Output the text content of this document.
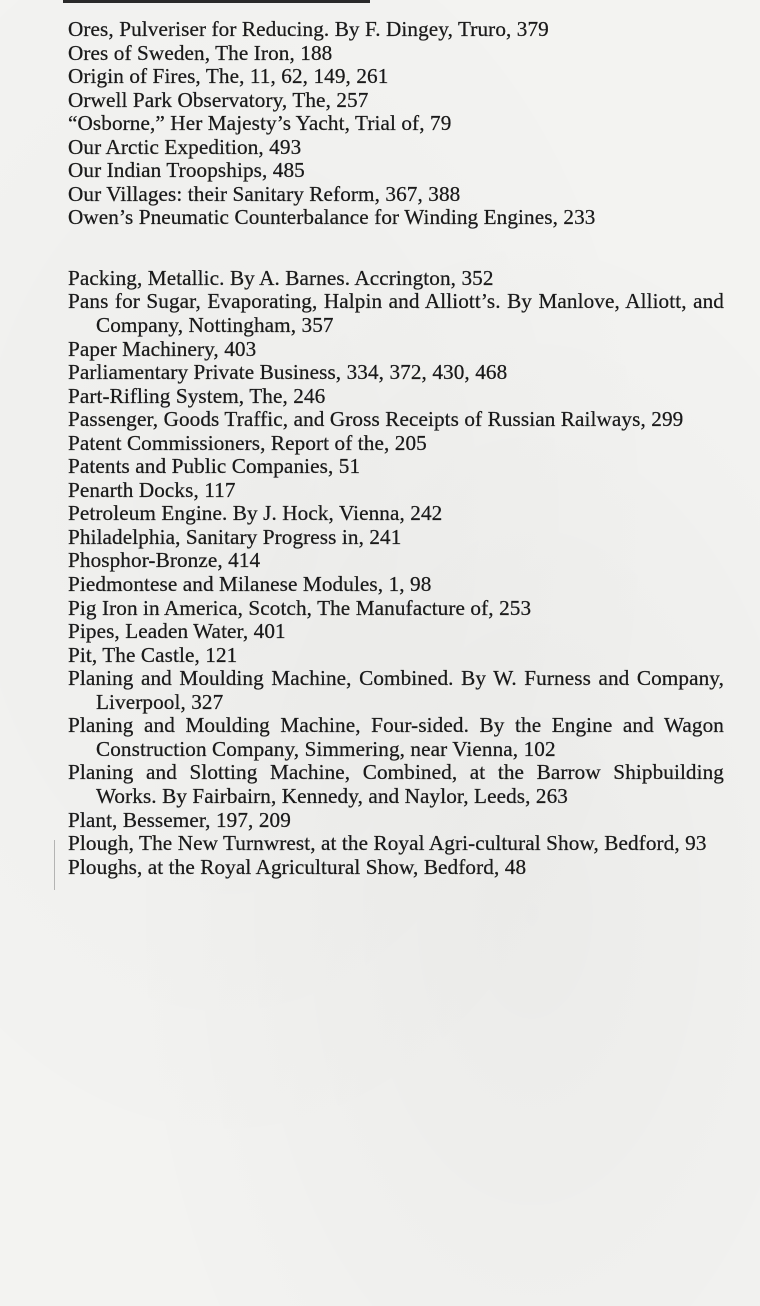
Ores, Pulveriser for Reducing. By F. Dingey, Truro, 379
Ores of Sweden, The Iron, 188
Origin of Fires, The, 11, 62, 149, 261
Orwell Park Observatory, The, 257
“Osborne,” Her Majesty’s Yacht, Trial of, 79
Our Arctic Expedition, 493
Our Indian Troopships, 485
Our Villages: their Sanitary Reform, 367, 388
Owen’s Pneumatic Counterbalance for Winding Engines, 233
Packing, Metallic. By A. Barnes. Accrington, 352
Pans for Sugar, Evaporating, Halpin and Alliott’s. By Manlove, Alliott, and Company, Nottingham, 357
Paper Machinery, 403
Parliamentary Private Business, 334, 372, 430, 468
Part-Rifling System, The, 246
Passenger, Goods Traffic, and Gross Receipts of Russian Railways, 299
Patent Commissioners, Report of the, 205
Patents and Public Companies, 51
Penarth Docks, 117
Petroleum Engine. By J. Hock, Vienna, 242
Philadelphia, Sanitary Progress in, 241
Phosphor-Bronze, 414
Piedmontese and Milanese Modules, 1, 98
Pig Iron in America, Scotch, The Manufacture of, 253
Pipes, Leaden Water, 401
Pit, The Castle, 121
Planing and Moulding Machine, Combined. By W. Furness and Company, Liverpool, 327
Planing and Moulding Machine, Four-sided. By the Engine and Wagon Construction Company, Simmering, near Vienna, 102
Planing and Slotting Machine, Combined, at the Barrow Shipbuilding Works. By Fairbairn, Kennedy, and Naylor, Leeds, 263
Plant, Bessemer, 197, 209
Plough, The New Turnwrest, at the Royal Agri-cultural Show, Bedford, 93
Ploughs, at the Royal Agricultural Show, Bedford, 48
